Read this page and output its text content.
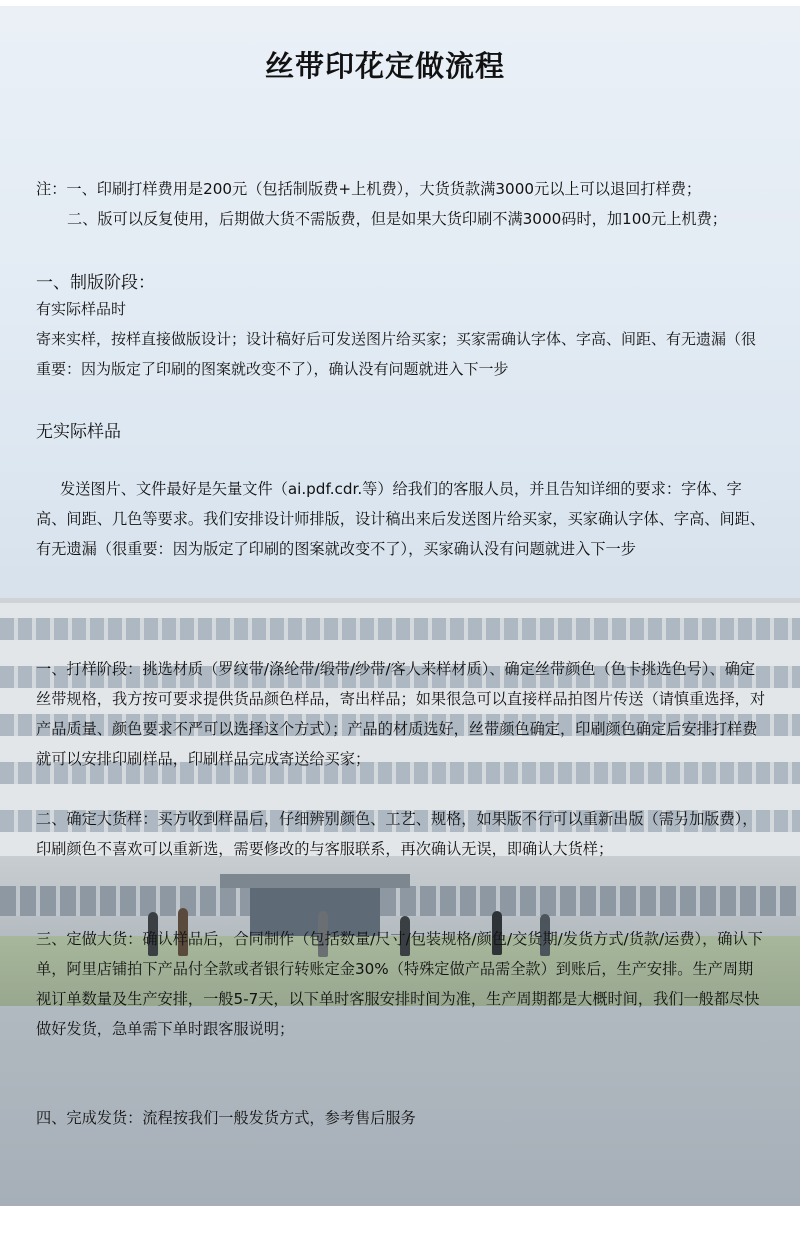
丝带印花定做流程

注：一、印刷打样费用是200元（包括制版费+上机费），大货货款满3000元以上可以退回打样费；

二、版可以反复使用，后期做大货不需版费，但是如果大货印刷不满3000码时，加100元上机费；

一、制版阶段：

有实际样品时

寄来实样，按样直接做版设计；设计稿好后可发送图片给买家；买家需确认字体、字高、间距、有无遗漏（很重要：因为版定了印刷的图案就改变不了），确认没有问题就进入下一步

无实际样品

发送图片、文件最好是矢量文件（ai.pdf.cdr.等）给我们的客服人员，并且告知详细的要求：字体、字高、间距、几色等要求。我们安排设计师排版，设计稿出来后发送图片给买家，买家确认字体、字高、间距、有无遗漏（很重要：因为版定了印刷的图案就改变不了），买家确认没有问题就进入下一步

一、打样阶段：挑选材质（罗纹带/涤纶带/缎带/纱带/客人来样材质）、确定丝带颜色（色卡挑选色号）、确定丝带规格，我方按可要求提供货品颜色样品，寄出样品；如果很急可以直接样品拍图片传送（请慎重选择，对产品质量、颜色要求不严可以选择这个方式）；产品的材质选好，丝带颜色确定，印刷颜色确定后安排打样费就可以安排印刷样品，印刷样品完成寄送给买家；

二、确定大货样：买方收到样品后，仔细辨别颜色、工艺、规格，如果版不行可以重新出版（需另加版费），印刷颜色不喜欢可以重新选，需要修改的与客服联系，再次确认无误，即确认大货样；

三、定做大货：确认样品后，合同制作（包括数量/尺寸/包装规格/颜色/交货期/发货方式/货款/运费），确认下单，阿里店铺拍下产品付全款或者银行转账定金30%（特殊定做产品需全款）到账后，生产安排。生产周期视订单数量及生产安排，一般5-7天，以下单时客服安排时间为准，生产周期都是大概时间，我们一般都尽快做好发货，急单需下单时跟客服说明；

四、完成发货：流程按我们一般发货方式，参考售后服务
